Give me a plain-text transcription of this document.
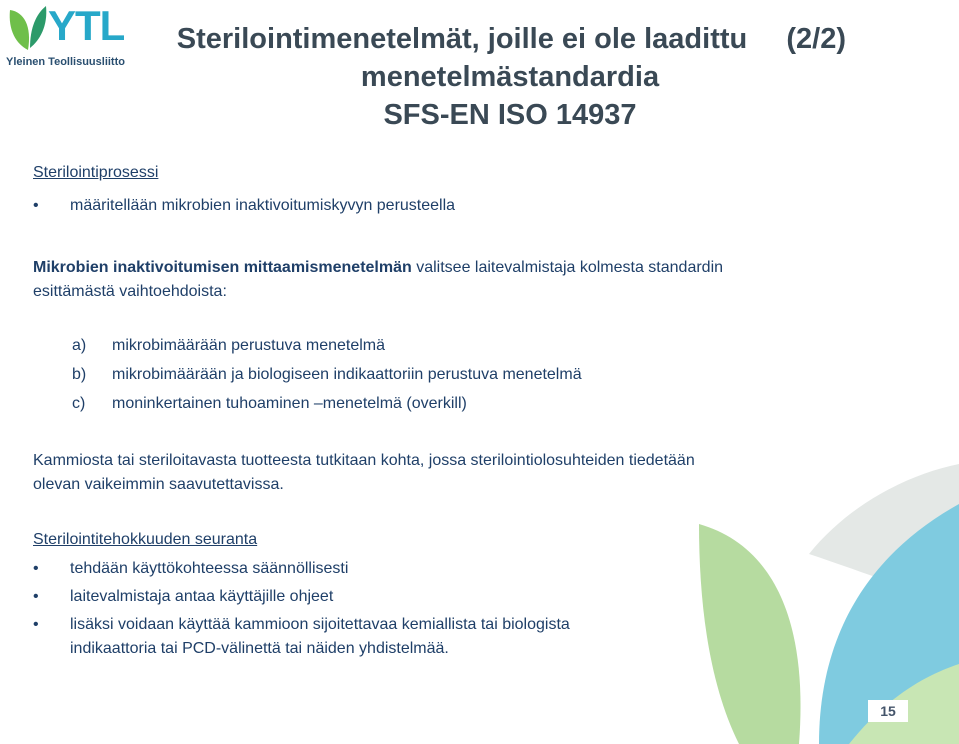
YTL
Yleinen Teollisuusliitto
Sterilointimenetelmät, joille ei ole laadittu (2/2)
menetelmästandardia
SFS-EN ISO 14937
Sterilointiprosessi
• määritellään mikrobien inaktivoitumiskyvyn perusteella
Mikrobien inaktivoitumisen mittaamismenetelmän valitsee laitevalmistaja kolmesta standardin
esittämästä vaihtoehdoista:
a) mikrobimäärään perustuva menetelmä
b) mikrobimäärään ja biologiseen indikaattoriin perustuva menetelmä
c) moninkertainen tuhoaminen –menetelmä (overkill)
Kammiosta tai steriloitavasta tuotteesta tutkitaan kohta, jossa sterilointiolosuhteiden tiedetään
olevan vaikeimmin saavutettavissa.
Sterilointitehokkuuden seuranta
• tehdään käyttökohteessa säännöllisesti
• laitevalmistaja antaa käyttäjille ohjeet
• lisäksi voidaan käyttää kammioon sijoitettavaa kemiallista tai biologista
indikaattoria tai PCD-välinettä tai näiden yhdistelmää.
15
